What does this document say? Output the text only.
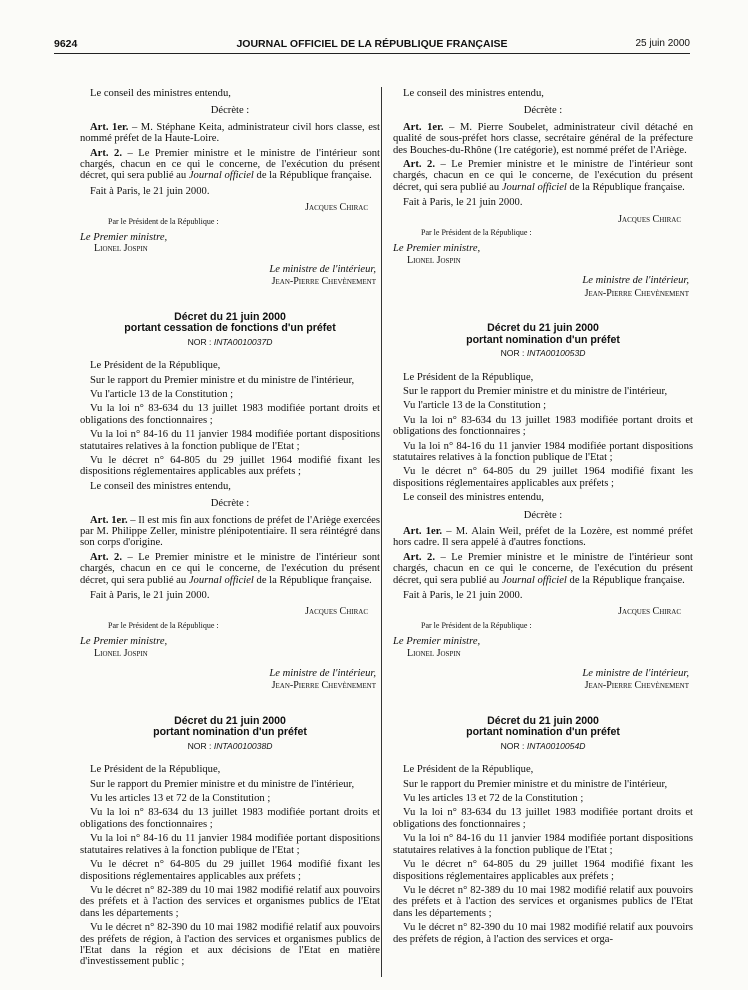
9624	JOURNAL OFFICIEL DE LA RÉPUBLIQUE FRANÇAISE	25 juin 2000

Le conseil des ministres entendu,

Décrète :

Art. 1er. – M. Stéphane Keita, administrateur civil hors classe, est nommé préfet de la Haute-Loire.

Art. 2. – Le Premier ministre et le ministre de l'intérieur sont chargés, chacun en ce qui le concerne, de l'exécution du présent décret, qui sera publié au Journal officiel de la République française.

Fait à Paris, le 21 juin 2000.

Jacques Chirac
Par le Président de la République :
Le Premier ministre,
Lionel Jospin
Le ministre de l'intérieur,
Jean-Pierre Chevènement
Décret du 21 juin 2000
portant cessation de fonctions d'un préfet
NOR : INTA0010037D

Le Président de la République,

Sur le rapport du Premier ministre et du ministre de l'intérieur,

Vu l'article 13 de la Constitution ;

Vu la loi n° 83-634 du 13 juillet 1983 modifiée portant droits et obligations des fonctionnaires ;

Vu la loi n° 84-16 du 11 janvier 1984 modifiée portant dispositions statutaires relatives à la fonction publique de l'Etat ;

Vu le décret n° 64-805 du 29 juillet 1964 modifié fixant les dispositions réglementaires applicables aux préfets ;

Le conseil des ministres entendu,

Décrète :

Art. 1er. – Il est mis fin aux fonctions de préfet de l'Ariège exercées par M. Philippe Zeller, ministre plénipotentiaire. Il sera réintégré dans son corps d'origine.

Art. 2. – Le Premier ministre et le ministre de l'intérieur sont chargés, chacun en ce qui le concerne, de l'exécution du présent décret, qui sera publié au Journal officiel de la République française.

Fait à Paris, le 21 juin 2000.

Jacques Chirac
Par le Président de la République :
Le Premier ministre,
Lionel Jospin
Le ministre de l'intérieur,
Jean-Pierre Chevènement
Décret du 21 juin 2000
portant nomination d'un préfet
NOR : INTA0010038D

Le Président de la République,

Sur le rapport du Premier ministre et du ministre de l'intérieur,

Vu les articles 13 et 72 de la Constitution ;

Vu la loi n° 83-634 du 13 juillet 1983 modifiée portant droits et obligations des fonctionnaires ;

Vu la loi n° 84-16 du 11 janvier 1984 modifiée portant dispositions statutaires relatives à la fonction publique de l'Etat ;

Vu le décret n° 64-805 du 29 juillet 1964 modifié fixant les dispositions réglementaires applicables aux préfets ;

Vu le décret n° 82-389 du 10 mai 1982 modifié relatif aux pouvoirs des préfets et à l'action des services et organismes publics de l'Etat dans les départements ;

Vu le décret n° 82-390 du 10 mai 1982 modifié relatif aux pouvoirs des préfets de région, à l'action des services et organismes publics de l'Etat dans la région et aux décisions de l'Etat en matière d'investissement public ;

Le conseil des ministres entendu,

Décrète :

Art. 1er. – M. Pierre Soubelet, administrateur civil détaché en qualité de sous-préfet hors classe, secrétaire général de la préfecture des Bouches-du-Rhône (1re catégorie), est nommé préfet de l'Ariège.

Art. 2. – Le Premier ministre et le ministre de l'intérieur sont chargés, chacun en ce qui le concerne, de l'exécution du présent décret, qui sera publié au Journal officiel de la République française.

Fait à Paris, le 21 juin 2000.

Jacques Chirac
Par le Président de la République :
Le Premier ministre,
Lionel Jospin
Le ministre de l'intérieur,
Jean-Pierre Chevènement
Décret du 21 juin 2000
portant nomination d'un préfet
NOR : INTA0010053D

Le Président de la République,

Sur le rapport du Premier ministre et du ministre de l'intérieur,

Vu l'article 13 de la Constitution ;

Vu la loi n° 83-634 du 13 juillet 1983 modifiée portant droits et obligations des fonctionnaires ;

Vu la loi n° 84-16 du 11 janvier 1984 modifiée portant dispositions statutaires relatives à la fonction publique de l'Etat ;

Vu le décret n° 64-805 du 29 juillet 1964 modifié fixant les dispositions réglementaires applicables aux préfets ;

Le conseil des ministres entendu,

Décrète :

Art. 1er. – M. Alain Weil, préfet de la Lozère, est nommé préfet hors cadre. Il sera appelé à d'autres fonctions.

Art. 2. – Le Premier ministre et le ministre de l'intérieur sont chargés, chacun en ce qui le concerne, de l'exécution du présent décret, qui sera publié au Journal officiel de la République française.

Fait à Paris, le 21 juin 2000.

Jacques Chirac
Par le Président de la République :
Le Premier ministre,
Lionel Jospin
Le ministre de l'intérieur,
Jean-Pierre Chevènement
Décret du 21 juin 2000
portant nomination d'un préfet
NOR : INTA0010054D

Le Président de la République,

Sur le rapport du Premier ministre et du ministre de l'intérieur,

Vu les articles 13 et 72 de la Constitution ;

Vu la loi n° 83-634 du 13 juillet 1983 modifiée portant droits et obligations des fonctionnaires ;

Vu la loi n° 84-16 du 11 janvier 1984 modifiée portant dispositions statutaires relatives à la fonction publique de l'Etat ;

Vu le décret n° 64-805 du 29 juillet 1964 modifié fixant les dispositions réglementaires applicables aux préfets ;

Vu le décret n° 82-389 du 10 mai 1982 modifié relatif aux pouvoirs des préfets et à l'action des services et organismes publics de l'Etat dans les départements ;

Vu le décret n° 82-390 du 10 mai 1982 modifié relatif aux pouvoirs des préfets de région, à l'action des services et orga-
